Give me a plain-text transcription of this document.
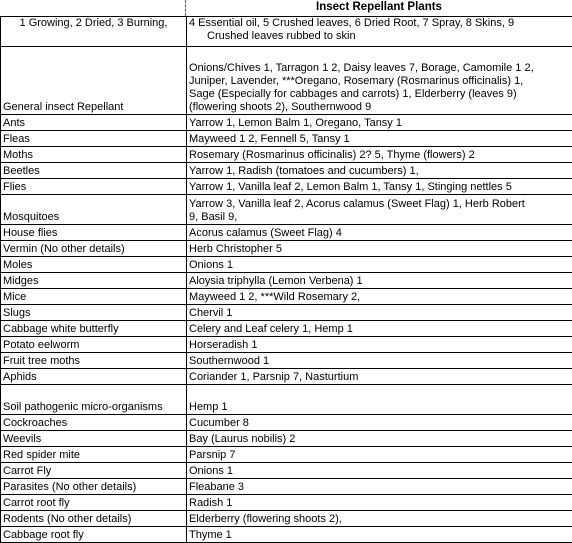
Insect Repellant Plants
1 Growing, 2 Dried, 3 Burning,	4 Essential oil, 5 Crushed leaves, 6 Dried Root, 7 Spray, 8 Skins, 9
Crushed leaves rubbed to skin

General insect Repellant	Onions/Chives 1, Tarragon 1 2, Daisy leaves 7, Borage, Camomile 1 2,
Juniper, Lavender, ***Oregano, Rosemary (Rosmarinus officinalis) 1,
Sage (Especially for cabbages and carrots) 1, Elderberry (leaves 9)
(flowering shoots 2), Southernwood 9

Ants	Yarrow 1, Lemon Balm 1, Oregano, Tansy 1

Fleas	Mayweed 1 2, Fennell 5, Tansy 1

Moths	Rosemary (Rosmarinus officinalis) 2? 5, Thyme (flowers) 2

Beetles	Yarrow 1, Radish (tomatoes and cucumbers) 1,

Flies	Yarrow 1, Vanilla leaf 2, Lemon Balm 1, Tansy 1, Stinging nettles 5

Mosquitoes	Yarrow 3, Vanilla leaf 2, Acorus calamus (Sweet Flag) 1, Herb Robert
9, Basil 9,

House flies	Acorus calamus (Sweet Flag) 4

Vermin (No other details)	Herb Christopher 5

Moles	Onions 1

Midges	Aloysia triphylla (Lemon Verbena) 1

Mice	Mayweed 1 2, ***Wild Rosemary 2,

Slugs	Chervil 1

Cabbage white butterfly	Celery and Leaf celery 1, Hemp 1

Potato eelworm	Horseradish 1

Fruit tree moths	Southernwood 1

Aphids	Coriander 1, Parsnip 7, Nasturtium

Soil pathogenic micro-organisms	Hemp 1

Cockroaches	Cucumber 8

Weevils	Bay (Laurus nobilis) 2

Red spider mite	Parsnip 7

Carrot Fly	Onions 1

Parasites (No other details)	Fleabane 3

Carrot root fly	Radish 1

Rodents (No other details)	Elderberry (flowering shoots 2),

Cabbage root fly	Thyme 1
